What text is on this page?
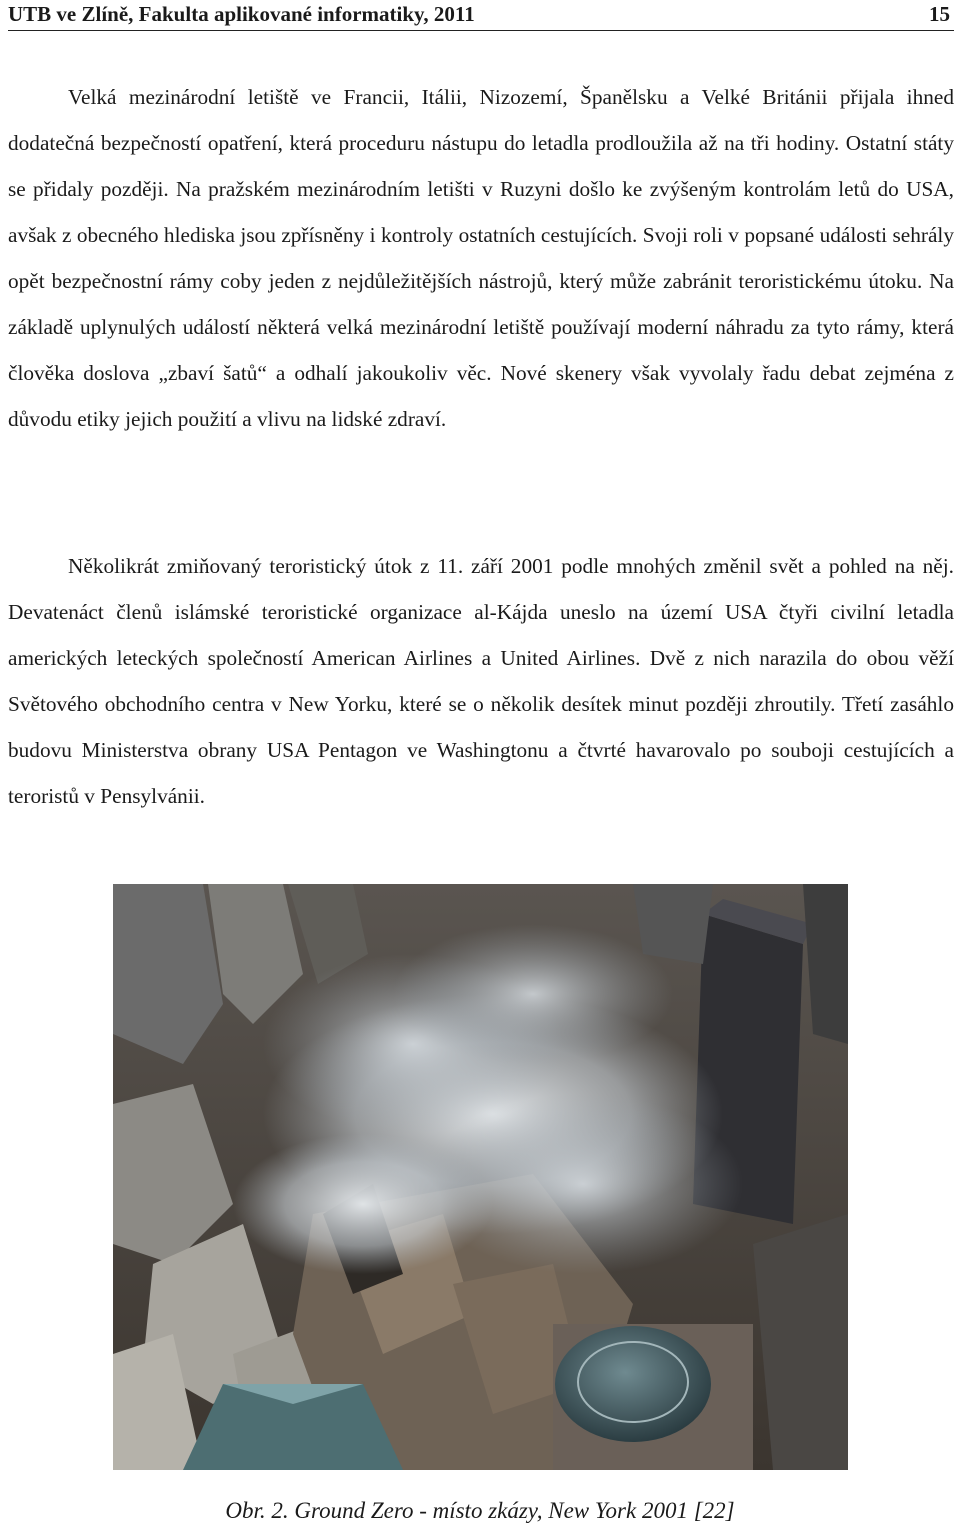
UTB ve Zlíně, Fakulta aplikované informatiky, 2011	15

Velká mezinárodní letiště ve Francii, Itálii, Nizozemí, Španělsku a Velké Británii přijala ihned dodatečná bezpečností opatření, která proceduru nástupu do letadla prodloužila až na tři hodiny. Ostatní státy se přidaly později. Na pražském mezinárodním letišti v Ruzyni došlo ke zvýšeným kontrolám letů do USA, avšak z obecného hlediska jsou zpřísněny i kontroly ostatních cestujících. Svoji roli v popsané události sehrály opět bezpečnostní rámy coby jeden z nejdůležitějších nástrojů, který může zabránit teroristickému útoku. Na základě uplynulých událostí některá velká mezinárodní letiště používají moderní náhradu za tyto rámy, která člověka doslova „zbaví šatů“ a odhalí jakoukoliv věc. Nové skenery však vyvolaly řadu debat zejména z důvodu etiky jejich použití a vlivu na lidské zdraví.

Několikrát zmiňovaný teroristický útok z 11. září 2001 podle mnohých změnil svět a pohled na něj. Devatenáct členů islámské teroristické organizace al-Kájda uneslo na území USA čtyři civilní letadla amerických leteckých společností American Airlines a United Airlines. Dvě z nich narazila do obou věží Světového obchodního centra v New Yorku, které se o několik desítek minut později zhroutily. Třetí zasáhlo budovu Ministerstva obrany USA Pentagon ve Washingtonu a čtvrté havarovalo po souboji cestujících a teroristů v Pensylvánii.

Obr. 2. Ground Zero - místo zkázy, New York 2001 [22]
